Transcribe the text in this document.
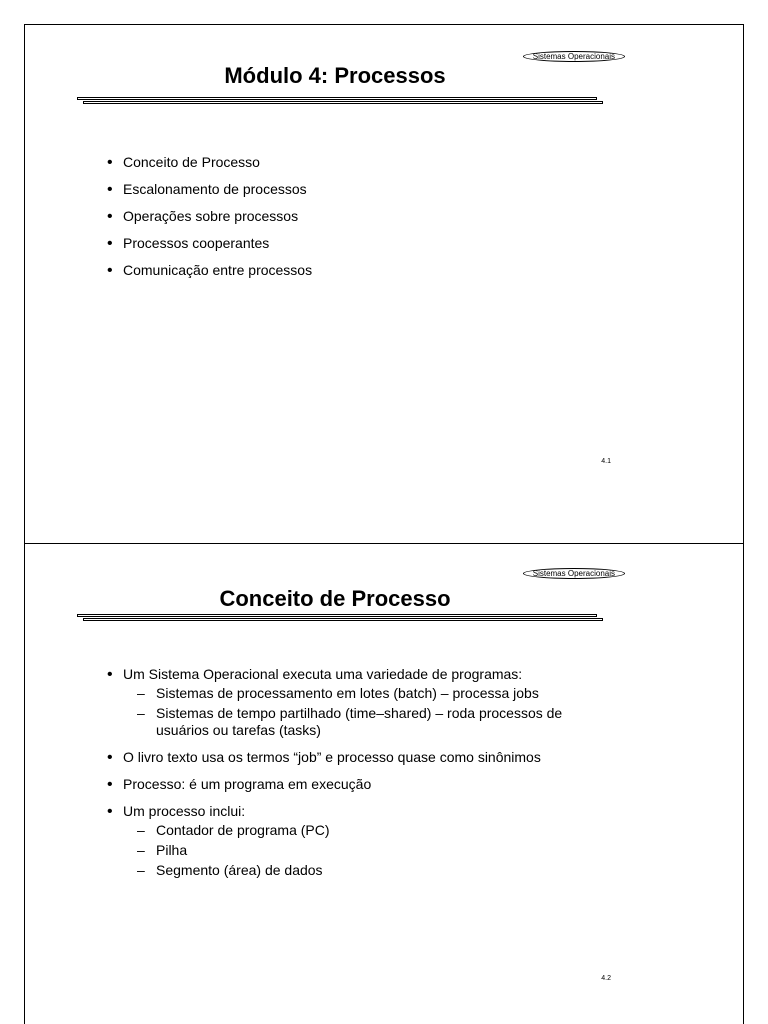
Sistemas Operacionais
Módulo 4: Processos
• Conceito de Processo
• Escalonamento de processos
• Operações sobre processos
• Processos cooperantes
• Comunicação entre processos
4.1
Sistemas Operacionais
Conceito de Processo
• Um Sistema Operacional executa uma variedade de programas:
– Sistemas de processamento em lotes (batch) – processa jobs
– Sistemas de tempo partilhado (time–shared) – roda processos de usuários ou tarefas (tasks)
• O livro texto usa os termos “job” e processo quase como sinônimos
• Processo: é um programa em execução
• Um processo inclui:
– Contador de programa (PC)
– Pilha
– Segmento (área) de dados
4.2
